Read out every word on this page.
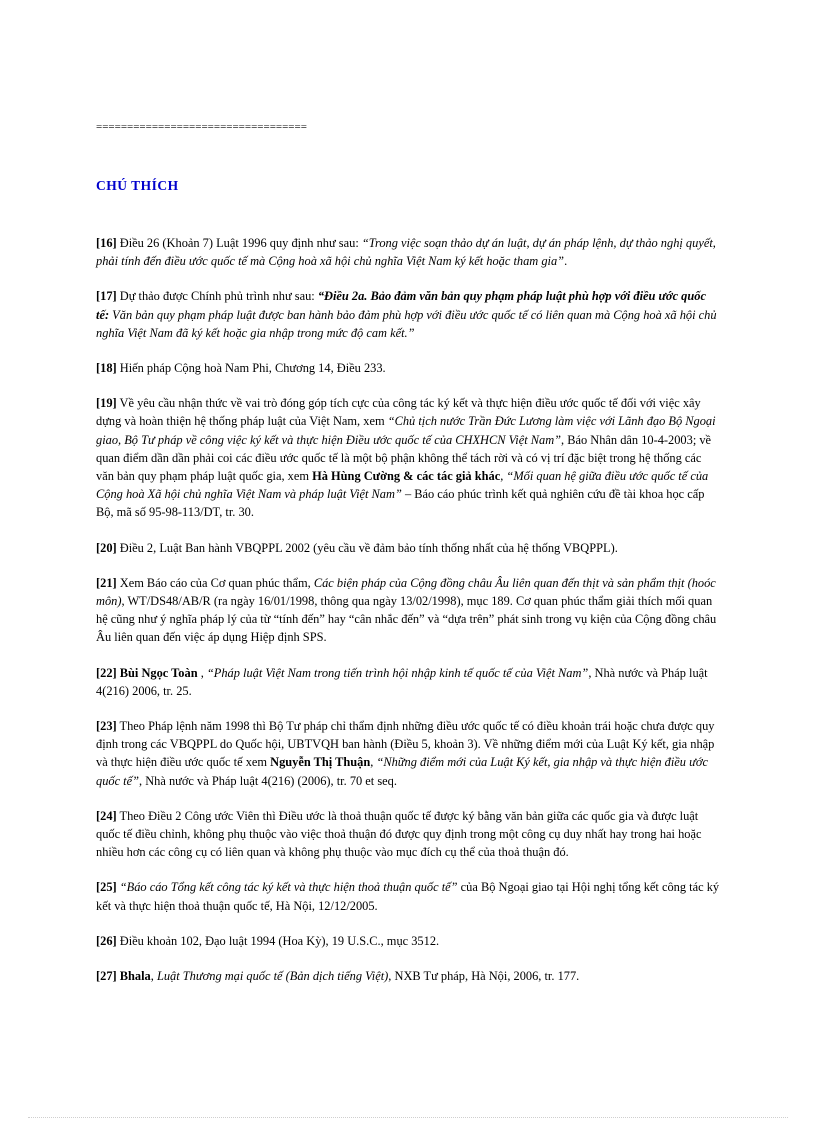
==================================
CHÚ THÍCH

[16] Điều 26 (Khoản 7) Luật 1996 quy định như sau: “Trong việc soạn thảo dự án luật, dự án pháp lệnh, dự thảo nghị quyết, phải tính đến điều ước quốc tế mà Cộng hoà xã hội chủ nghĩa Việt Nam ký kết hoặc tham gia”.

[17] Dự thảo được Chính phủ trình như sau: “Điều 2a. Bảo đảm văn bản quy phạm pháp luật phù hợp với điều ước quốc tế: Văn bản quy phạm pháp luật được ban hành bảo đảm phù hợp với điều ước quốc tế có liên quan mà Cộng hoà xã hội chủ nghĩa Việt Nam đã ký kết hoặc gia nhập trong mức độ cam kết.”

[18] Hiến pháp Cộng hoà Nam Phi, Chương 14, Điều 233.

[19] Về yêu cầu nhận thức về vai trò đóng góp tích cực của công tác ký kết và thực hiện điều ước quốc tế đối với việc xây dựng và hoàn thiện hệ thống pháp luật của Việt Nam, xem “Chủ tịch nước Trần Đức Lương làm việc với Lãnh đạo Bộ Ngoại giao, Bộ Tư pháp về công việc ký kết và thực hiện Điều ước quốc tế của CHXHCN Việt Nam”, Báo Nhân dân 10-4-2003; về quan điểm dần dần phải coi các điều ước quốc tế là một bộ phận không thể tách rời và có vị trí đặc biệt trong hệ thống các văn bản quy phạm pháp luật quốc gia, xem Hà Hùng Cường & các tác giả khác, “Mối quan hệ giữa điều ước quốc tế của Cộng hoà Xã hội chủ nghĩa Việt Nam và pháp luật Việt Nam” – Báo cáo phúc trình kết quả nghiên cứu đề tài khoa học cấp Bộ, mã số 95-98-113/DT, tr. 30.

[20] Điều 2, Luật Ban hành VBQPPL 2002 (yêu cầu về đảm bảo tính thống nhất của hệ thống VBQPPL).

[21] Xem Báo cáo của Cơ quan phúc thẩm, Các biện pháp của Cộng đồng châu Âu liên quan đến thịt và sản phẩm thịt (hoóc môn), WT/DS48/AB/R (ra ngày 16/01/1998, thông qua ngày 13/02/1998), mục 189. Cơ quan phúc thẩm giải thích mối quan hệ cũng như ý nghĩa pháp lý của từ “tính đến” hay “cân nhắc đến” và “dựa trên” phát sinh trong vụ kiện của Cộng đồng châu Âu liên quan đến việc áp dụng Hiệp định SPS.

[22] Bùi Ngọc Toàn , “Pháp luật Việt Nam trong tiến trình hội nhập kinh tế quốc tế của Việt Nam”, Nhà nước và Pháp luật 4(216) 2006, tr. 25.

[23] Theo Pháp lệnh năm 1998 thì Bộ Tư pháp chỉ thẩm định những điều ước quốc tế có điều khoản trái hoặc chưa được quy định trong các VBQPPL do Quốc hội, UBTVQH ban hành (Điều 5, khoản 3). Về những điểm mới của Luật Ký kết, gia nhập và thực hiện điều ước quốc tế xem Nguyễn Thị Thuận, “Những điểm mới của Luật Ký kết, gia nhập và thực hiện điều ước quốc tế”, Nhà nước và Pháp luật 4(216) (2006), tr. 70 et seq.

[24] Theo Điều 2 Công ước Viên thì Điều ước là thoả thuận quốc tế được ký bằng văn bản giữa các quốc gia và được luật quốc tế điều chỉnh, không phụ thuộc vào việc thoả thuận đó được quy định trong một công cụ duy nhất hay trong hai hoặc nhiều hơn các công cụ có liên quan và không phụ thuộc vào mục đích cụ thể của thoả thuận đó.

[25] “Báo cáo Tổng kết công tác ký kết và thực hiện thoả thuận quốc tế” của Bộ Ngoại giao tại Hội nghị tổng kết công tác ký kết và thực hiện thoả thuận quốc tế, Hà Nội, 12/12/2005.

[26] Điều khoản 102, Đạo luật 1994 (Hoa Kỳ), 19 U.S.C., mục 3512.

[27] Bhala, Luật Thương mại quốc tế (Bản dịch tiếng Việt), NXB Tư pháp, Hà Nội, 2006, tr. 177.
